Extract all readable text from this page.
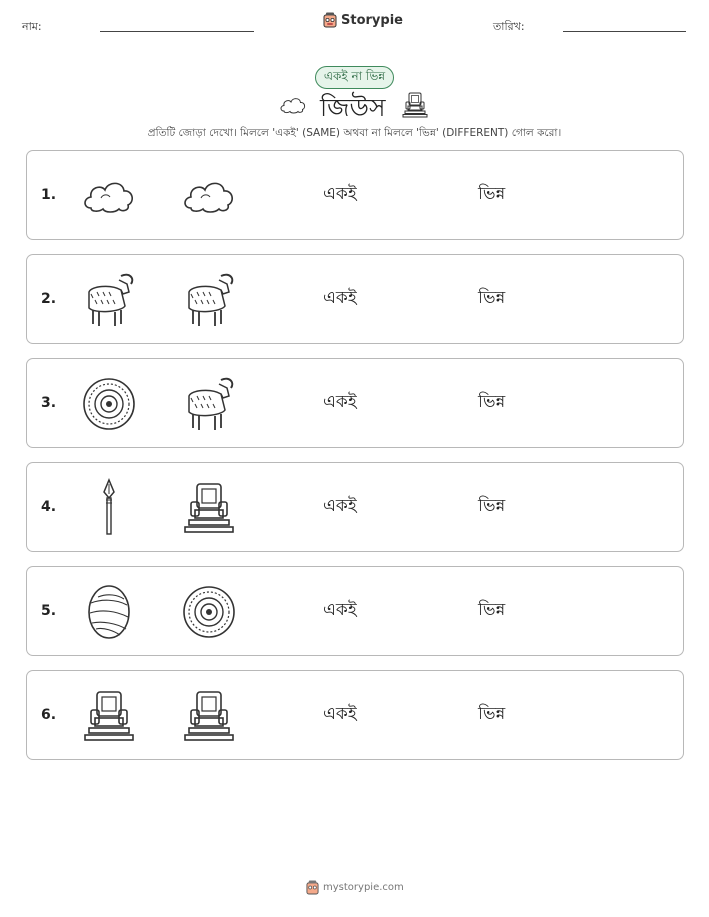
নাম:	Storypie	তারিখ:
একই না ভিন্ন
জিউস
প্রতিটি জোড়া দেখো। মিললে 'একই' (SAME) অথবা না মিললে 'ভিন্ন' (DIFFERENT) গোল করো।
1.	একই	ভিন্ন
2.	একই	ভিন্ন
3.	একই	ভিন্ন
4.	একই	ভিন্ন
5.	একই	ভিন্ন
6.	একই	ভিন্ন
mystorypie.com
